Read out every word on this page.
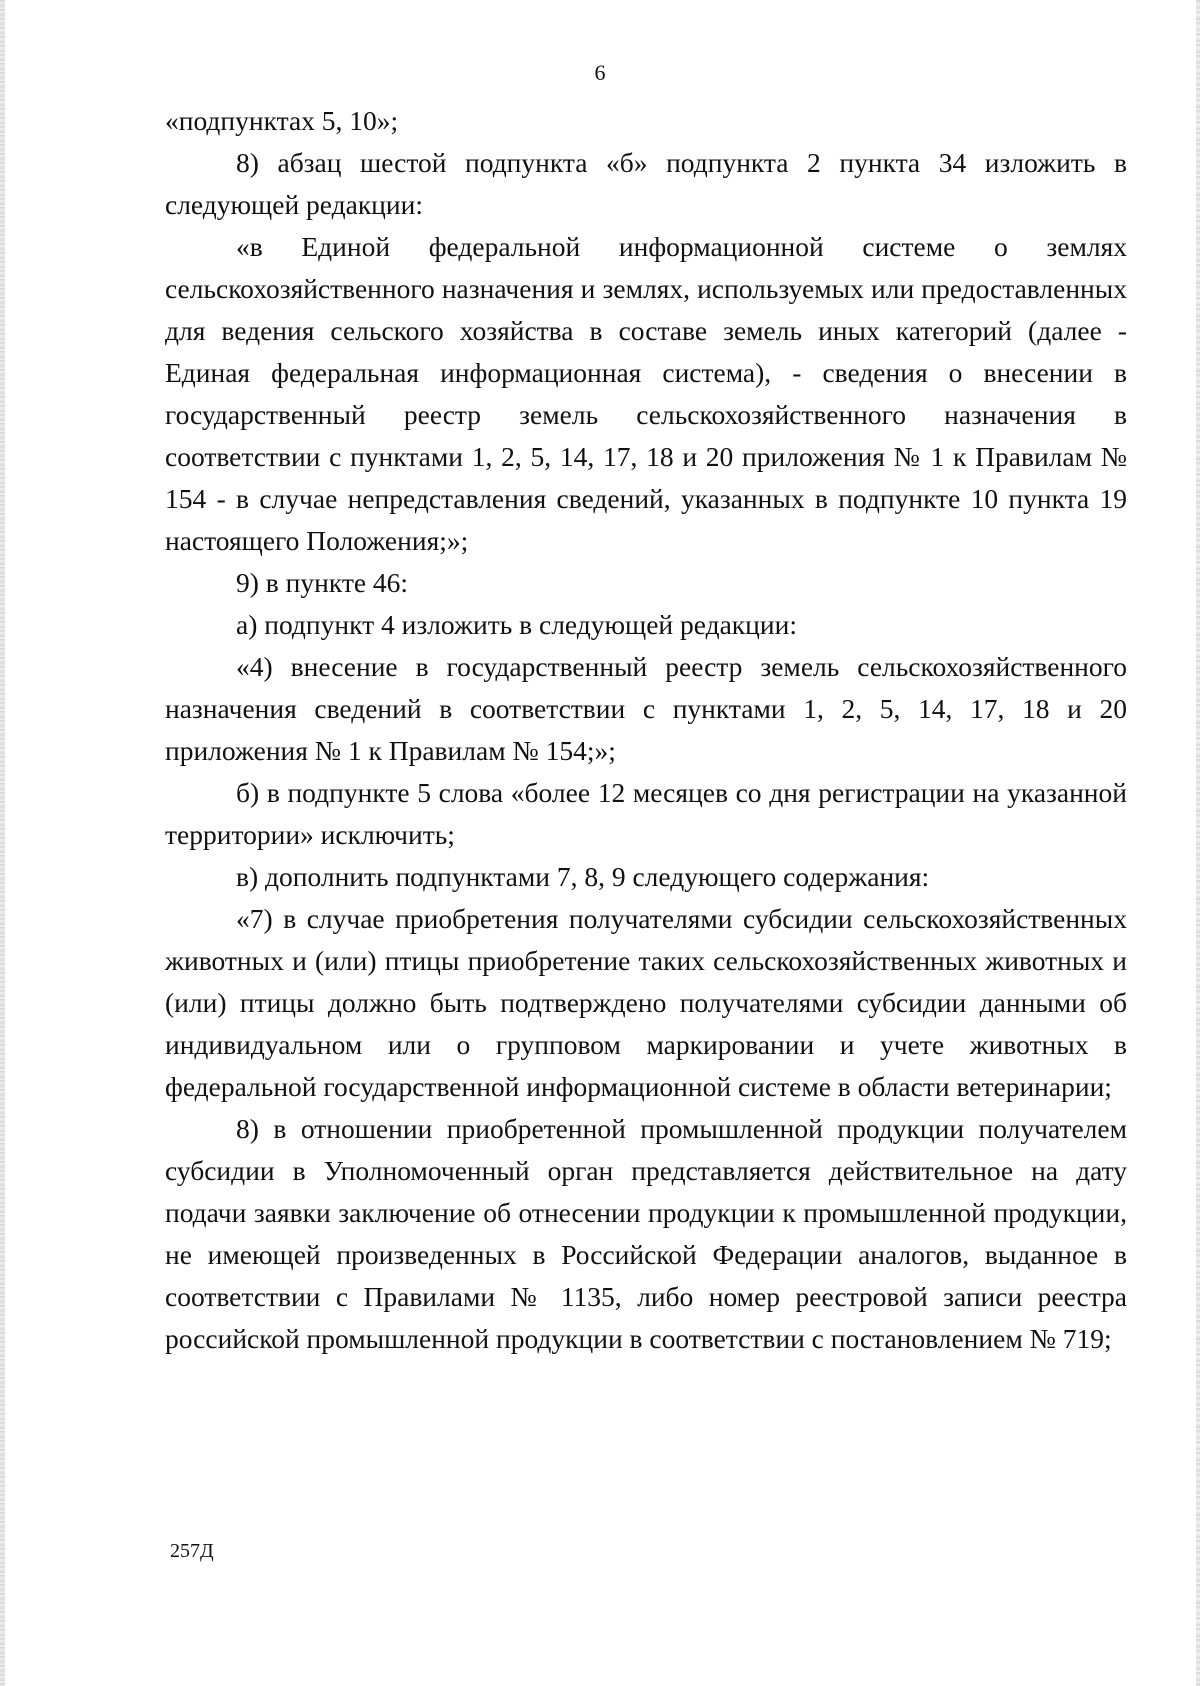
6

«подпунктах 5, 10»;

8) абзац шестой подпункта «б» подпункта 2 пункта 34 изложить в следующей редакции:

«в Единой федеральной информационной системе о землях сельскохозяйственного назначения и землях, используемых или предоставленных для ведения сельского хозяйства в составе земель иных категорий (далее - Единая федеральная информационная система), - сведения о внесении в государственный реестр земель сельскохозяйственного назначения в соответствии с пунктами 1, 2, 5, 14, 17, 18 и 20 приложения № 1 к Правилам № 154 - в случае непредставления сведений, указанных в подпункте 10 пункта 19 настоящего Положения;»;

9) в пункте 46:

а) подпункт 4 изложить в следующей редакции:

«4) внесение в государственный реестр земель сельскохозяйственного назначения сведений в соответствии с пунктами 1, 2, 5, 14, 17, 18 и 20 приложения № 1 к Правилам № 154;»;

б) в подпункте 5 слова «более 12 месяцев со дня регистрации на указанной территории» исключить;

в) дополнить подпунктами 7, 8, 9 следующего содержания:

«7) в случае приобретения получателями субсидии сельскохозяйственных животных и (или) птицы приобретение таких сельскохозяйственных животных и (или) птицы должно быть подтверждено получателями субсидии данными об индивидуальном или о групповом маркировании и учете животных в федеральной государственной информационной системе в области ветеринарии;

8) в отношении приобретенной промышленной продукции получателем субсидии в Уполномоченный орган представляется действительное на дату подачи заявки заключение об отнесении продукции к промышленной продукции, не имеющей произведенных в Российской Федерации аналогов, выданное в соответствии с Правилами № 1135, либо номер реестровой записи реестра российской промышленной продукции в соответствии с постановлением № 719;

257Д
